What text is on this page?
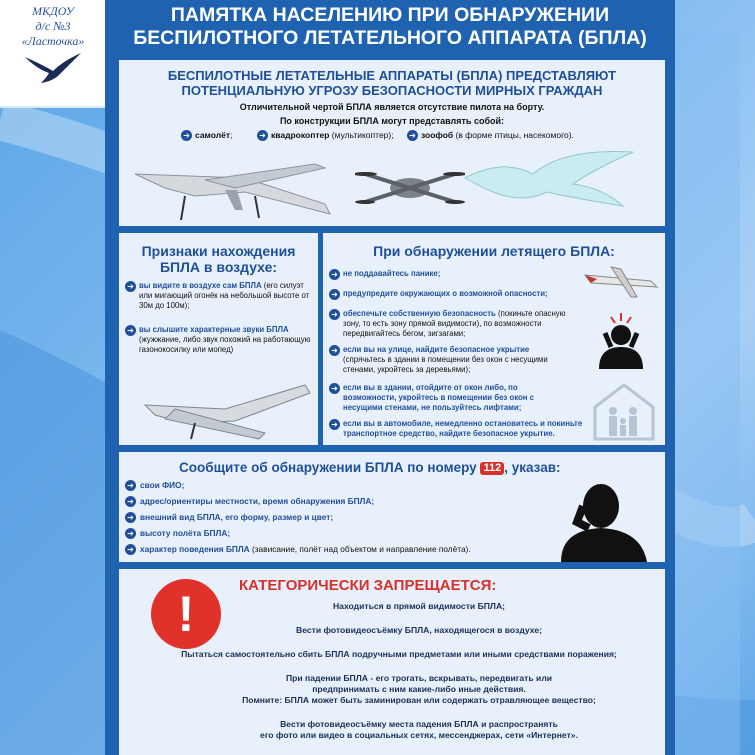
МКДОУ
д/с №3
«Ласточка»
ПАМЯТКА НАСЕЛЕНИЮ ПРИ ОБНАРУЖЕНИИ
БЕСПИЛОТНОГО ЛЕТАТЕЛЬНОГО АППАРАТА (БПЛА)
БЕСПИЛОТНЫЕ ЛЕТАТЕЛЬНЫЕ АППАРАТЫ (БПЛА) ПРЕДСТАВЛЯЮТ
ПОТЕНЦИАЛЬНУЮ УГРОЗУ БЕЗОПАСНОСТИ МИРНЫХ ГРАЖДАН
Отличительной чертой БПЛА является отсутствие пилота на борту.
По конструкции БПЛА могут представлять собой:
➜ самолёт;	➜ квадрокоптер (мультикоптер); ➜ зоофоб (в форме птицы, насекомого).
Признаки нахождения
БПЛА в воздухе:
➜ вы видите в воздухе сам БПЛА (его силуэт или мигающий огонёк на небольшой высоте от 30м до 100м);
➜ вы слышите характерные звуки БПЛА (жужжание, либо звук похожий на работающую газонокосилку или мопед)
При обнаружении летящего БПЛА:
➜ не поддавайтесь панике;
➜ предупредите окружающих о возможной опасности;
➜ обеспечьте собственную безопасность (покиньте опасную зону, то есть зону прямой видимости), по возможности передвигайтесь бегом, зигзагами;
➜ если вы на улице, найдите безопасное укрытие (спрячьтесь в здании в помещении без окон с несущими стенами, укройтесь за деревьями);
➜ если вы в здании, отойдите от окон либо, по возможности, укройтесь в помещении без окон с несущими стенами, не пользуйтесь лифтами;
➜ если вы в автомобиле, немедленно остановитесь и покиньте транспортное средство, найдите безопасное укрытие.
Сообщите об обнаружении БПЛА по номеру 112 , указав:
➜ свои ФИО;
➜ адрес/ориентиры местности, время обнаружения БПЛА;
➜ внешний вид БПЛА, его форму, размер и цвет;
➜ высоту полёта БПЛА;
➜ характер поведения БПЛА (зависание, полёт над объектом и направление полёта).
!
КАТЕГОРИЧЕСКИ ЗАПРЕЩАЕТСЯ:
Находиться в прямой видимости БПЛА;
Вести фотовидеосъёмку БПЛА, находящегося в воздухе;
Пытаться самостоятельно сбить БПЛА подручными предметами или иными средствами поражения;
При падении БПЛА - его трогать, вскрывать, передвигать или
предпринимать с ним какие-либо иные действия.
Помните: БПЛА может быть заминирован или содержать отравляющее вещество;
Вести фотовидеосъёмку места падения БПЛА и распространять
его фото или видео в социальных сетях, мессенджерах, сети «Интернет».
